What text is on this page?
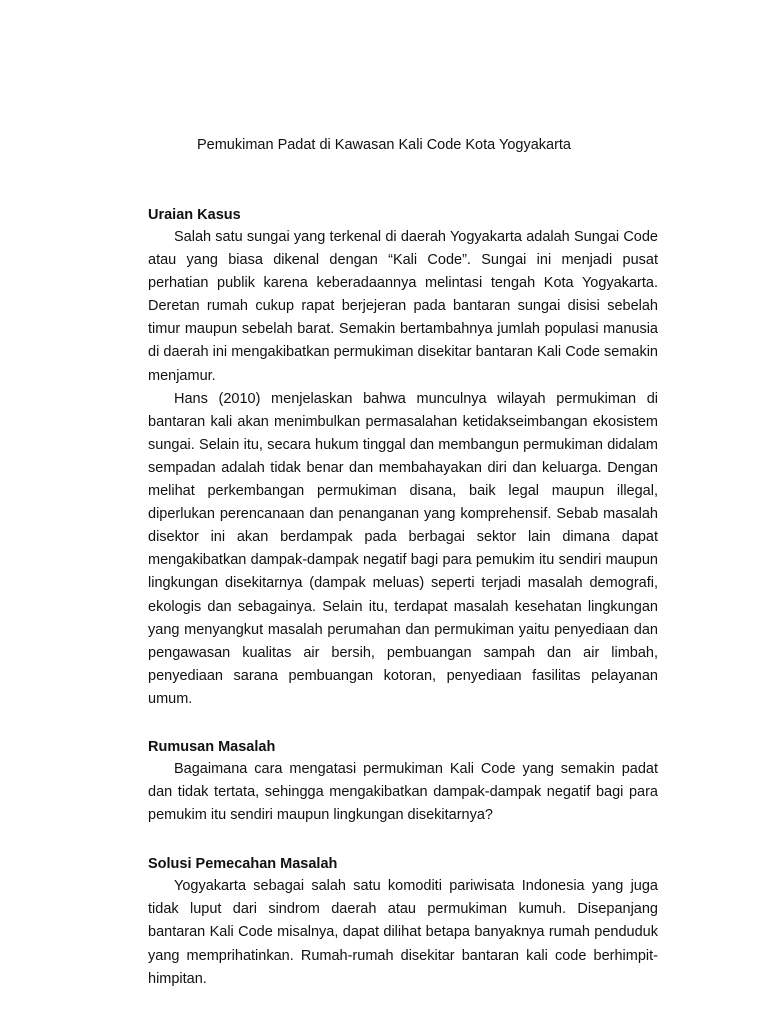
Pemukiman Padat di Kawasan Kali Code Kota Yogyakarta
Uraian Kasus

Salah satu sungai yang terkenal di daerah Yogyakarta adalah Sungai Code atau yang biasa dikenal dengan “Kali Code”. Sungai ini menjadi pusat perhatian publik karena keberadaannya melintasi tengah Kota Yogyakarta. Deretan rumah cukup rapat berjejeran pada bantaran sungai disisi sebelah timur maupun sebelah barat. Semakin bertambahnya jumlah populasi manusia di daerah ini mengakibatkan permukiman disekitar bantaran Kali Code semakin menjamur.

Hans (2010) menjelaskan bahwa munculnya wilayah permukiman di bantaran kali akan menimbulkan permasalahan ketidakseimbangan ekosistem sungai. Selain itu, secara hukum tinggal dan membangun permukiman didalam sempadan adalah tidak benar dan membahayakan diri dan keluarga. Dengan melihat perkembangan permukiman disana, baik legal maupun illegal, diperlukan perencanaan dan penanganan yang komprehensif. Sebab masalah disektor ini akan berdampak pada berbagai sektor lain dimana dapat mengakibatkan dampak-dampak negatif bagi para pemukim itu sendiri maupun lingkungan disekitarnya (dampak meluas) seperti terjadi masalah demografi, ekologis dan sebagainya. Selain itu, terdapat masalah kesehatan lingkungan yang menyangkut masalah perumahan dan permukiman yaitu penyediaan dan pengawasan kualitas air bersih, pembuangan sampah dan air limbah, penyediaan sarana pembuangan kotoran, penyediaan fasilitas pelayanan umum.

Rumusan Masalah

Bagaimana cara mengatasi permukiman Kali Code yang semakin padat dan tidak tertata, sehingga mengakibatkan dampak-dampak negatif bagi para pemukim itu sendiri maupun lingkungan disekitarnya?

Solusi Pemecahan Masalah

Yogyakarta sebagai salah satu komoditi pariwisata Indonesia yang juga tidak luput dari sindrom daerah atau permukiman kumuh. Disepanjang bantaran Kali Code misalnya, dapat dilihat betapa banyaknya rumah penduduk yang memprihatinkan. Rumah-rumah disekitar bantaran kali code berhimpit-himpitan.
